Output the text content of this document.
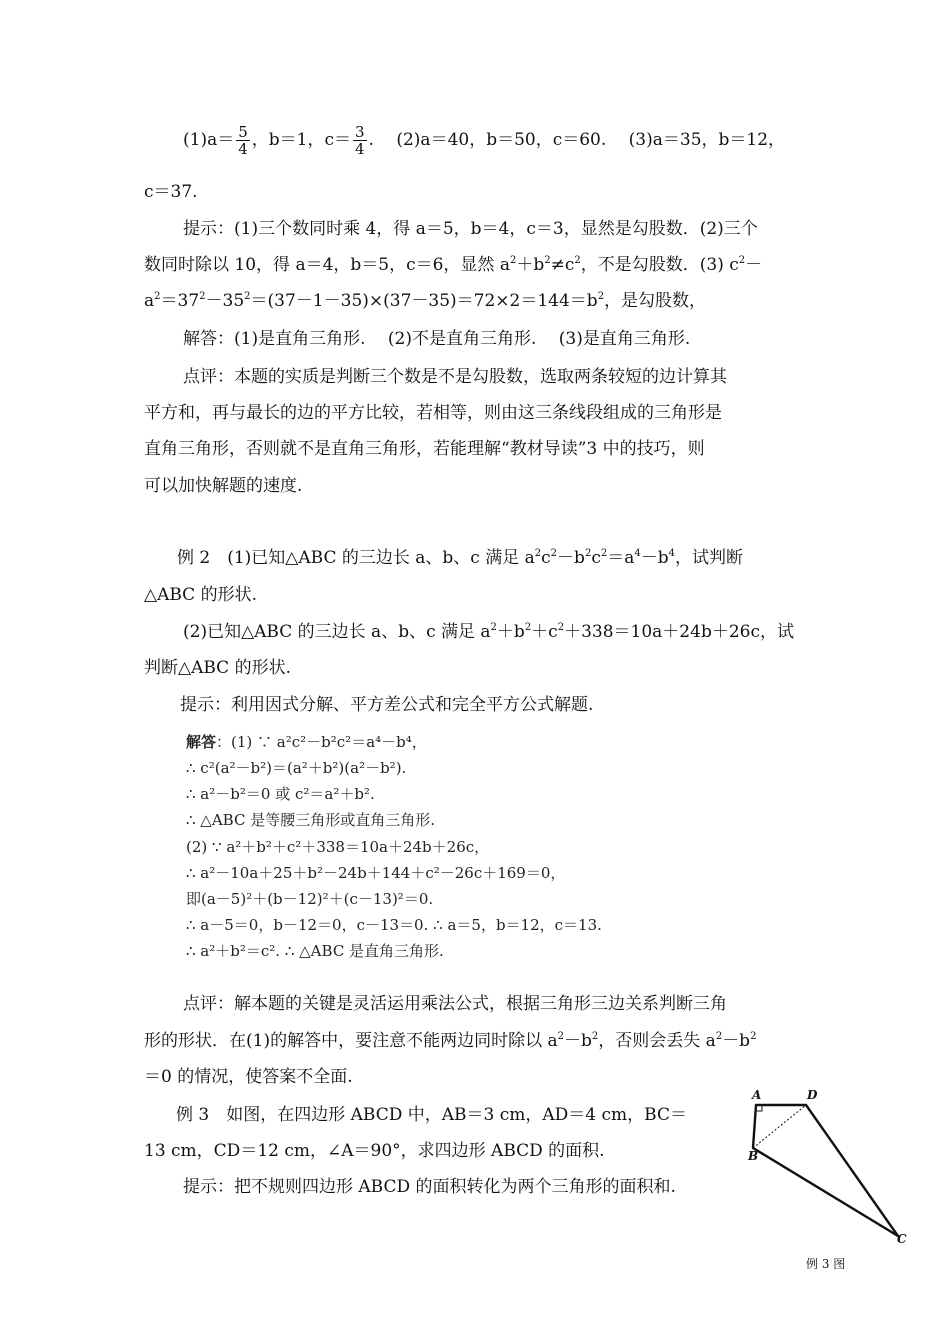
$(1)a= \frac{5}{4}$ ，b＝1，$c= \frac{3}{4}$ .　 (2)a＝40，b＝50，c＝60.　 (3)a＝35，b＝12，
c＝37.
提示：(1)三个数同时乘 4，得 a＝5，b＝4，c＝3，显然是勾股数．(2)三个
数同时除以 10，得 a＝4，b＝5，c＝6，显然 $a^2+b^2\ne c^2$，不是勾股数．(3) $c^2-$
$a^2=37^2-35^2=(37-1-35)\times(37-35)=72\times 2=144=b^2$，是勾股数，
解答：(1)是直角三角形.　 (2)不是直角三角形.　 (3)是直角三角形.
点评：本题的实质是判断三个数是不是勾股数，选取两条较短的边计算其
平方和，再与最长的边的平方比较，若相等，则由这三条线段组成的三角形是
直角三角形，否则就不是直角三角形，若能理解“教材导读”3 中的技巧，则
可以加快解题的速度.
例 2　(1)已知△ABC 的三边长 a、b、c 满足 $a^2c^2-b^2c^2=a^4-b^4$，试判断
△ABC 的形状.
(2)已知△ABC 的三边长 a、b、c 满足 $a^2+b^2+c^2+338=10a+24b+26c$，试
判断△ABC 的形状.
提示：利用因式分解、平方差公式和完全平方公式解题.
解答：(1) ∵ a²c²－b²c²＝a⁴－b⁴，
∴ c²(a²－b²)＝(a²＋b²)(a²－b²).
∴ a²－b²＝0 或 c²＝a²＋b².
∴ △ABC 是等腰三角形或直角三角形.
(2) ∵ a²＋b²＋c²＋338＝10a＋24b＋26c，
∴ a²－10a＋25＋b²－24b＋144＋c²－26c＋169＝0，
即(a－5)²＋(b－12)²＋(c－13)²＝0.
∴ a－5＝0，b－12＝0，c－13＝0. ∴ a＝5，b＝12，c＝13.
∴ a²＋b²＝c². ∴ △ABC 是直角三角形.
点评：解本题的关键是灵活运用乘法公式，根据三角形三边关系判断三角
形的形状．在(1)的解答中，要注意不能两边同时除以 $a^2-b^2$，否则会丢失 $a^2-b^2$
＝0 的情况，使答案不全面.
例 3　如图，在四边形 ABCD 中，AB＝3 cm，AD＝4 cm，BC＝
13 cm，CD＝12 cm，∠A＝90°，求四边形 ABCD 的面积.
提示：把不规则四边形 ABCD 的面积转化为两个三角形的面积和.
A	D
B
C
例 3 图
